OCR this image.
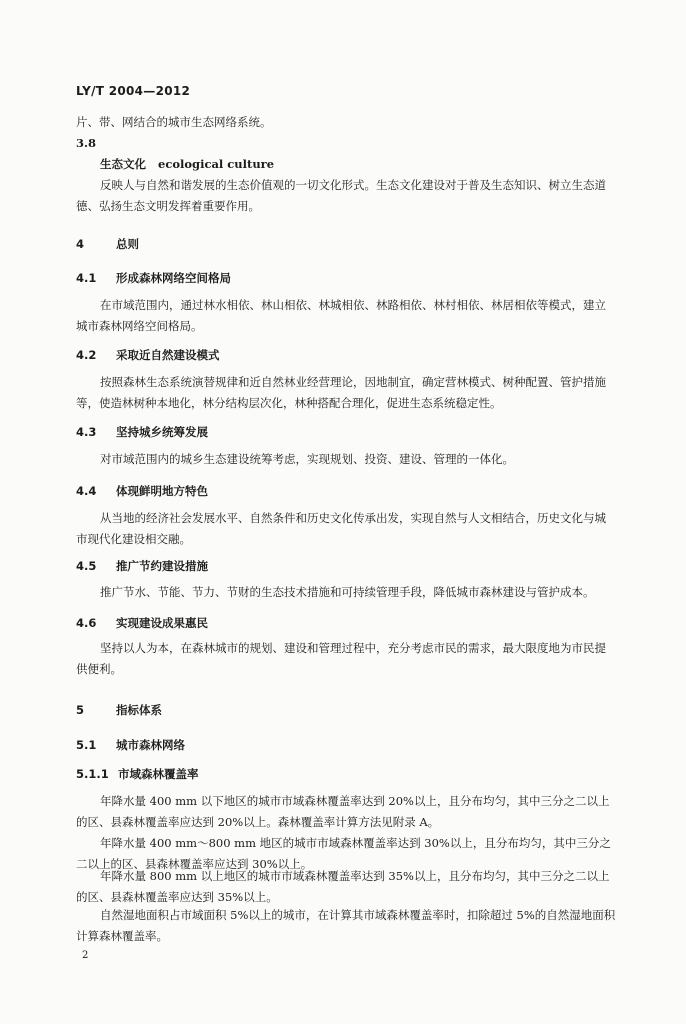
LY/T 2004—2012
片、带、网结合的城市生态网络系统。
3.8
生态文化 ecological culture
反映人与自然和谐发展的生态价值观的一切文化形式。生态文化建设对于普及生态知识、树立生态道德、弘扬生态文明发挥着重要作用。
4	总则
4.1 形成森林网络空间格局
在市域范围内，通过林水相依、林山相依、林城相依、林路相依、林村相依、林居相依等模式，建立城市森林网络空间格局。
4.2 采取近自然建设模式
按照森林生态系统演替规律和近自然林业经营理论，因地制宜，确定营林模式、树种配置、管护措施等，使造林树种本地化，林分结构层次化，林种搭配合理化，促进生态系统稳定性。
4.3 坚持城乡统筹发展
对市域范围内的城乡生态建设统筹考虑，实现规划、投资、建设、管理的一体化。
4.4 体现鲜明地方特色
从当地的经济社会发展水平、自然条件和历史文化传承出发，实现自然与人文相结合，历史文化与城市现代化建设相交融。
4.5 推广节约建设措施
推广节水、节能、节力、节财的生态技术措施和可持续管理手段，降低城市森林建设与管护成本。
4.6 实现建设成果惠民
坚持以人为本，在森林城市的规划、建设和管理过程中，充分考虑市民的需求，最大限度地为市民提供便利。
5	指标体系
5.1 城市森林网络
5.1.1 市域森林覆盖率
年降水量 400 mm 以下地区的城市市域森林覆盖率达到 20%以上，且分布均匀，其中三分之二以上的区、县森林覆盖率应达到 20%以上。森林覆盖率计算方法见附录 A。
年降水量 400 mm～800 mm 地区的城市市域森林覆盖率达到 30%以上，且分布均匀，其中三分之二以上的区、县森林覆盖率应达到 30%以上。
年降水量 800 mm 以上地区的城市市域森林覆盖率达到 35%以上，且分布均匀，其中三分之二以上的区、县森林覆盖率应达到 35%以上。
自然湿地面积占市域面积 5%以上的城市，在计算其市域森林覆盖率时，扣除超过 5%的自然湿地面积计算森林覆盖率。
2
